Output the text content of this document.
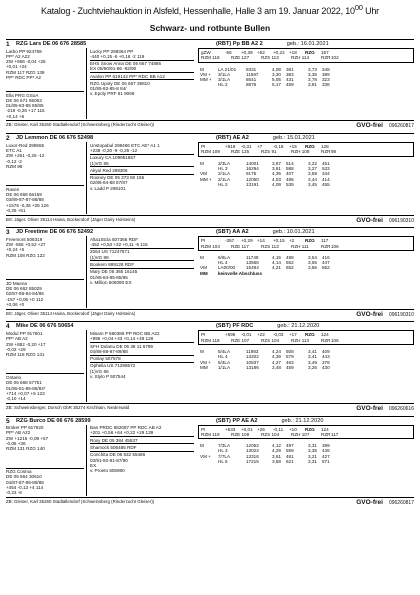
Katalog - Zuchtviehauktion in Alsfeld, Hessenhalle, Halle 3 am 19. Januar 2022, $10^{00}$ Uhr
Schwarz- und rotbunte Bullen
1	RZG Lars DE 06 676 28585	(RBT) Pp BB A2 2	geb.: 16.01.2021
Larbo PP 924759
PP* A2 A22
ZW +666 -0,04 +25
+0,01 +24
RZM 117 RZG 139
PP* RDC PP* A2
Ella PRG GSoA
DE 06 671 65063
01/85-83-85 85/85
-219 -0,26 +17 115
+0,14 +6
Lucky PP 298364 PP
-440 +0,15 -6 +0,16 -2 119
EHS Snow Anna DE 06 667 74886
EX 05/90/91-86 -92/90
Avalon PP 619142 PP* RDC BB A12
RZG Upoly DE 06 667 39810
01/85-82-85-8 84/
v. Epoly PRF 61 9068
gZW	-56	+0,39 +52	+0,22 +18	RZG	157
RZM 116	RZE 127	RZS 113	RZH 114	RZR 102
M	LA 21/01	9331	4,08	381	3,73	348
VM +	3/1LA	11597	3,30	383	3,35	389
MM +	3/1LA	8541	5,05	431	3,78	323
HL 2	8876	5,17	459	3,81	338
ZB: Gleiser, Karl 35260 Stadtallendorf (Schweinsberg (Rinderzucht Gleiser))	GVO-frei 096260817
2	JD Lemmon DE 06 676 52498	(RBT) AE A2	geb.: 15.01.2021
Luxor-Red 298555
ETC A1
ZW +261 -0,25 -12
-0,12 -2
RZM 96
Raven
DE 06 668 66159
03/89-87-87-88/88
+1576 -0,36 +26 126
-0,25 +51
Unstopabul 298466 ETC AE* A1 1
+238 -0,20 -9 -0,25 -12
Luxury CA 109951657
(1)VG 85
Akyol Red 298306
Rooney DE 05 373 50 155
02/86-84-88 87/87
v. Ladd P 298101
PI	+919	-0,31	+7	-0,18	+15	RZG	128
RZM 109	RZE 125	RZS 91	RZH 108	RZR 98
M	3/3LA	14001	3,67	514	3,22	451
HL 3	16294	3,61	588	3,27	533
VM	2/1LA	9175	4,35	407	3,59	344
MM +	2/1LA	12050	4,03	485	3,44	414
HL 2	13191	4,09	539	3,45	455
BS: Jäger, Oliver 35114 Haina, Bockendorf (Jäger Dairy Holsteins)	GVO-frei 096190310
3	JD Freetime DE 06 676 52492	(SBT) AA A2	geb.: 10.01.2021
Freemont 508319
ZW -556 +0,52 +27
+0,24 +5
RZM 108 RZG 122
JD Maena
DE 06 662 85029
02/87-86-84-84/86
-157 +0,06 +0 112
+0,06 +0
Alta1Stcla 507366 RDF
-452 +0,53 +32 +0,11 -5 115
2064 US 71247671
(1)VG 88
Bookem 889128 RDF
Mary DE 05 365 16145
01/86-84-85-85/85
v. Million 506090 EX
PI	-357	+0,29 +14	+0,15 +2	RZG	117
RZM 104	RZE 117	RZS 113	RZH 111	RZR 106
M	6/6LA	11749	4,15	488	3,54	416
HL 4	13566	4,14	552	3,55	447
VM	LA00/00	15494	4,21	652	3,56	552
MM	keinvolle Abschluss
BS: Jäger, Oliver 35114 Haina, Bockendorf (Jäger Dairy Holsteins)	GVO-frei 096190310
4	Mike DE 06 676 50654	(SBT) PF RDC	geb.: 21.12.2020
Modul PP 917601
PP* AB A2
ZW +882 -0,20 +17
-0,02 +29
RZM 118 RZG 131
Ontario
DE 06 668 57751
01/85-81-85-85/84*
+714 +0,07 +5 123
-0,10 +14
Misam P 680386 PP RDC BB A22
+996 +0,04 +43 +0,14 +49 128
SFH Dolanu DE 05 38 11 6799
04/88-88-87-89/88
Ponlay 507578
Ophelia US 71298572
(1)VG 86
v. Stylo P 507544
PI	+596	-0,01	+22	-0,03	+17	RZG	124
RZM 118	RZE 107	RZS 104	RZH 113	RZR 106
M	5/4LA	11983	4,24	508	3,41	409
HL 4	13202	4,39	579	3,41	443
VM +	5/4LA	10837	4,27	463	3,49	378
MM	1/1LA	13186	3,48	459	3,26	430
ZB: Schweinsberger, Dorsch GbR 35274 Kirchhain, Niederwald	GVO-frei 096260616
5	RZG Burco DE 06 676 28599	(SBT) PP AE A2	geb.: 21.12.2020
Broker PP 917620
PP* AB A22
ZW +1216 -0,08 +57
-0,06 +36
RZM 131 RZG 140
RZG Cosma
DE 06 664 30610
04/87-87-86-89/88
+454 -0,13 +4 114
-0,23 -8
Ban PRDC 682087 PP RDC AB A2
+201 +0,56 +64 +0,22 +29 139
Roxy DE 05 384 45537
Shamock 506485 RDF
Conchita DE 06 632 55486
03/91-92-91-87/90
EX
v. Proeto 505980
PI	+633	+0,01 +26	-0,11	+10	RZG	124
RZM 119	RZE 109	RZS 104	RZH 107	RZR 117
M	7/3LA	12052	4,12	497	3,31	399
HL 3	13023	4,29	559	3,35	436
VM +	7/7LA	13316	3,61	481	3,21	427
HL 5	17215	3,58	621	3,31	571
ZB: Gleiser, Karl 35260 Stadtallendorf (Schweinsberg (Rinderzucht Gleiser))	GVO-frei 096260817
